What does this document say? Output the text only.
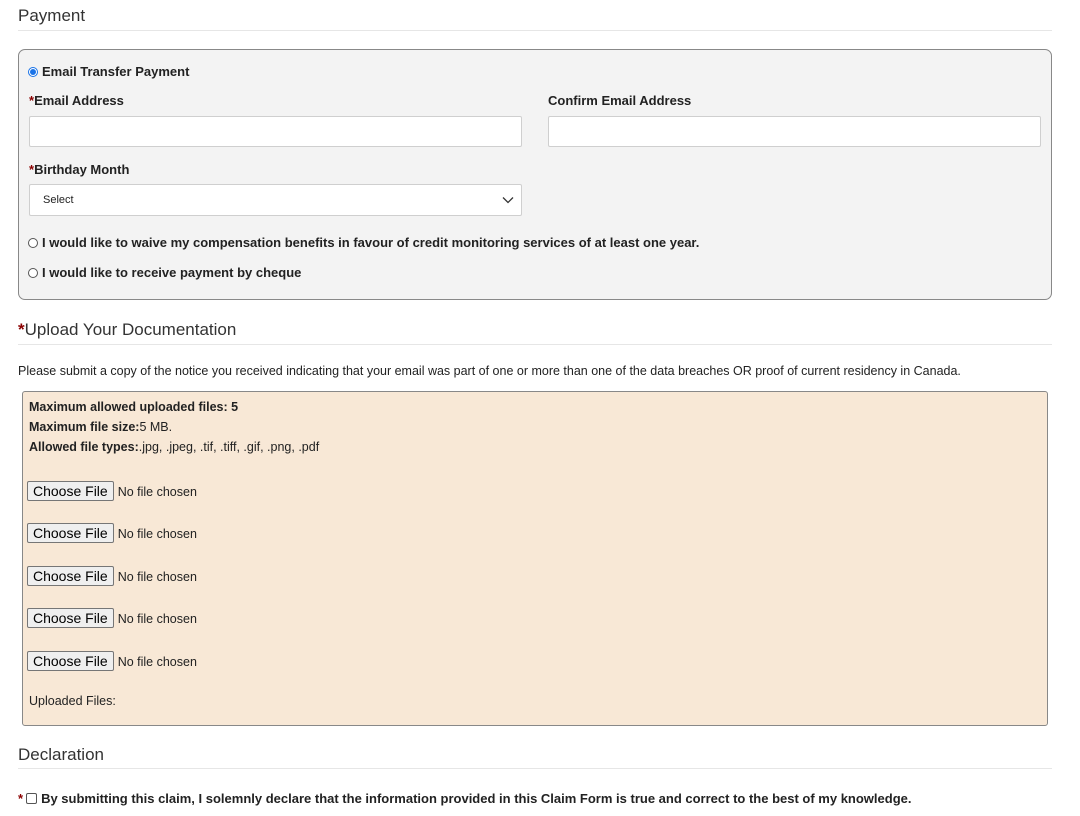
Payment
Email Transfer Payment
*Email Address	Confirm Email Address
*Birthday Month
Select
I would like to waive my compensation benefits in favour of credit monitoring services of at least one year.
I would like to receive payment by cheque
*Upload Your Documentation
Please submit a copy of the notice you received indicating that your email was part of one or more than one of the data breaches OR proof of current residency in Canada.
Maximum allowed uploaded files: 5
Maximum file size:5 MB.
Allowed file types:.jpg, .jpeg, .tif, .tiff, .gif, .png, .pdf
Choose File No file chosen
Choose File No file chosen
Choose File No file chosen
Choose File No file chosen
Choose File No file chosen
Uploaded Files:
Declaration
* By submitting this claim, I solemnly declare that the information provided in this Claim Form is true and correct to the best of my knowledge.
